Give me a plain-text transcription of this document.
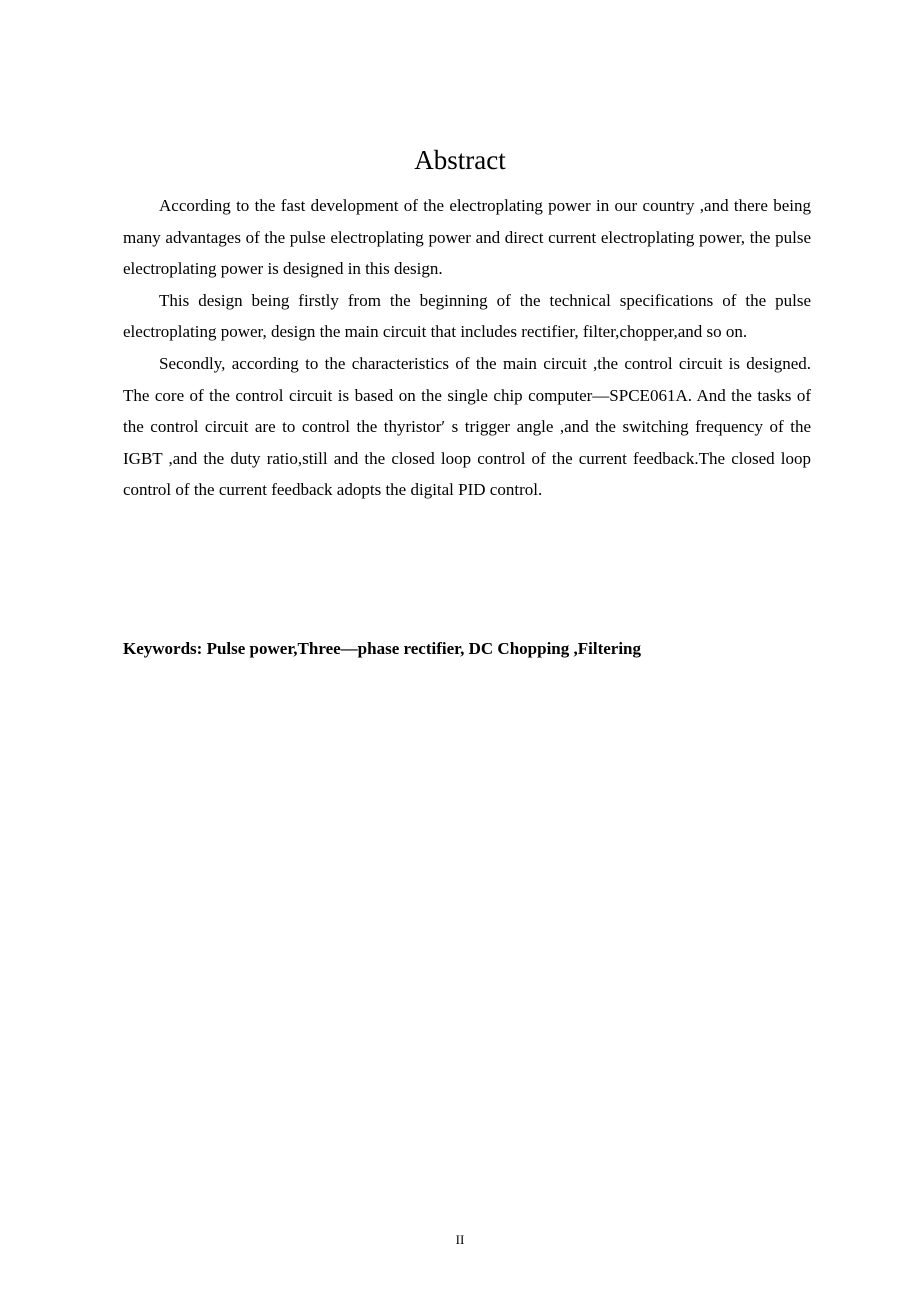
Abstract

According to the fast development of the electroplating power in our country ,and there being many advantages of the pulse electroplating power and direct current electroplating power, the pulse electroplating power is designed in this design.

This design being firstly from the beginning of the technical specifications of the pulse electroplating power, design the main circuit that includes rectifier, filter,chopper,and so on.

Secondly, according to the characteristics of the main circuit ,the control circuit is designed. The core of the control circuit is based on the single chip computer—SPCE061A. And the tasks of the control circuit are to control the thyristor′ s trigger angle ,and the switching frequency of the IGBT ,and the duty ratio,still and the closed loop control of the current feedback.The closed loop control of the current feedback adopts the digital PID control.

Keywords: Pulse power,Three—phase rectifier, DC Chopping ,Filtering
II
